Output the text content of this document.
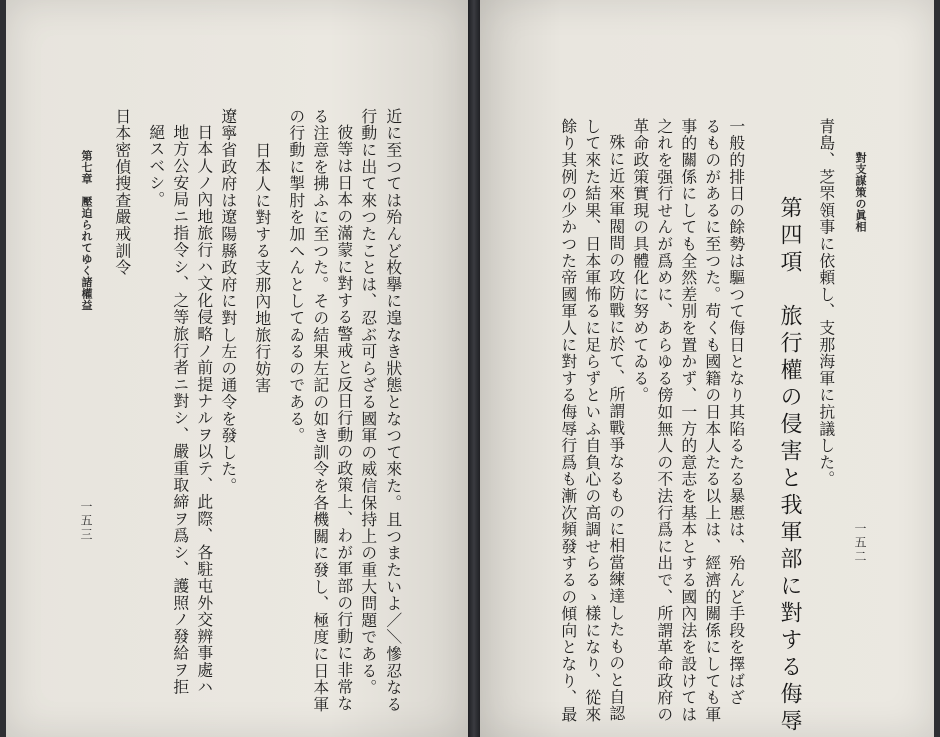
近に至つては殆んど枚擧に遑なき狀態となつて來た。且つまたいよ／＼慘忍なる

行動に出て來つたことは、忍ぶ可らざる國軍の威信保持上の重大問題である。

彼等は日本の滿蒙に對する警戒と反日行動の政策上、わが軍部の行動に非常な

る注意を拂ふに至つた。その結果左記の如き訓令を各機關に發し、極度に日本軍

の行動に掣肘を加へんとしてゐるのである。

日本人に對する支那內地旅行妨害

遼寧省政府は遼陽縣政府に對し左の通令を發した。

日本人ノ內地旅行ハ文化侵略ノ前提ナルヲ以テ、此際、各駐屯外交辨事處ハ

地方公安局ニ指令シ、之等旅行者ニ對シ、嚴重取締ヲ爲シ、護照ノ發給ヲ拒

絕スベシ。

日本密偵搜查嚴戒訓令

第七章　壓迫られてゆく諸權益

一五三

對支謀策の眞相

一五二

青島、芝罘領事に依頼し、支那海軍に抗議した。

第四項　旅行權の侵害と我軍部に對する侮辱

一般的排日の餘勢は驅つて侮日となり其陷るたる暴慝は、殆んど手段を擇ばざ

るものがあるに至つた。苟くも國籍の日本人たる以上は、經濟的關係にしても軍

事的關係にしても全然差別を置かず、一方的意志を基本とする國內法を設けては

之れを强行せんが爲めに、あらゆる傍如無人の不法行爲に出で、所謂革命政府の

革命政策實現の具體化に努めてゐる。

殊に近來軍閥間の攻防戰に於て、所謂戰爭なるものに相當練達したものと自認

して來た結果、日本軍怖るに足らずといふ自負心の高調せらるゝ樣になり、從來

餘り其例の少かつた帝國軍人に對する侮辱行爲も漸次頻發するの傾向となり、最
